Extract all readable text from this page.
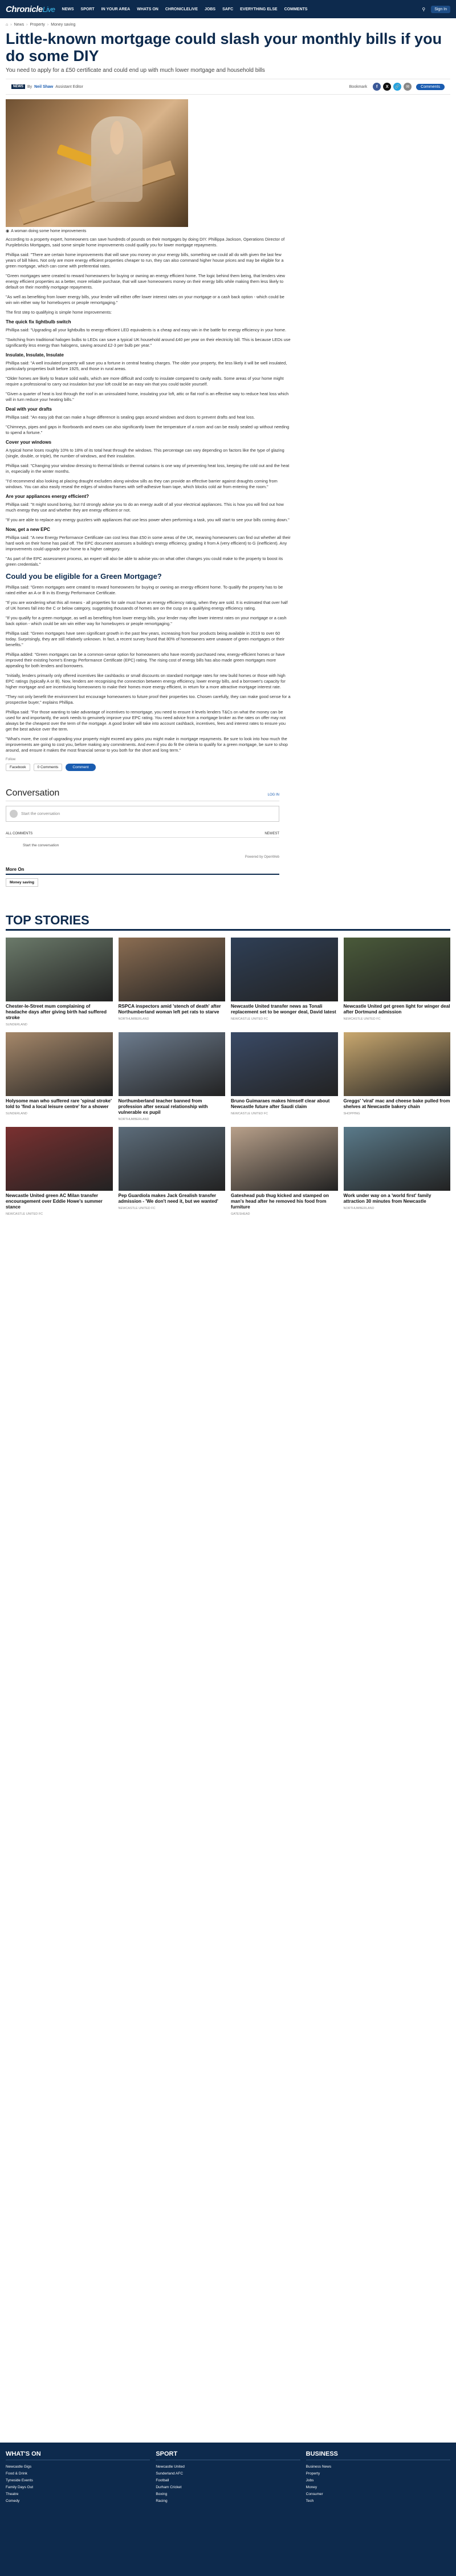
ChronicleLive NEWS SPORT IN YOUR AREA WHATS ON CHRONICLELIVE JOBS SAFC EVERYTHING ELSE COMMENTS	⚲	Sign In
⌂ › News › Property › Money saving
Little-known mortgage could slash your monthly bills if you do some DIY

You need to apply for a £50 certificate and could end up with much lower mortgage and household bills

NEWS	By Neil Shaw Assistant Editor	Bookmark	f	X	🔗	✉	Comments
◉ A woman doing some home improvements

According to a property expert, homeowners can save hundreds of pounds on their mortgages by doing DIY. Phillippa Jackson, Operations Director of Purplebricks Mortgages, said some simple home improvements could qualify you for lower mortgage repayments.

Phillipa said: "There are certain home improvements that will save you money on your energy bills, something we could all do with given the last few years of bill hikes. Not only are more energy efficient properties cheaper to run, they can also command higher house prices and may be eligible for a green mortgage, which can come with preferential rates.

"Green mortgages were created to reward homeowners for buying or owning an energy efficient home. The logic behind them being, that lenders view energy efficient properties as a better, more reliable purchase, that will save homeowners money on their energy bills while making them less likely to default on their monthly mortgage repayments.

"As well as benefiting from lower energy bills, your lender will either offer lower interest rates on your mortgage or a cash back option - which could be win win either way for homebuyers or people remortgaging."

The first step to qualifying is simple home improvements:

The quick fix lightbulb switch

Phillipa said: "Upgrading all your lightbulbs to energy-efficient LED equivalents is a cheap and easy win in the battle for energy efficiency in your home.

"Switching from traditional halogen bulbs to LEDs can save a typical UK household around £40 per year on their electricity bill. This is because LEDs use significantly less energy than halogens, saving around £2-3 per bulb per year."

Insulate, Insulate, Insulate

Phillipa said: "A well insulated property will save you a fortune in central heating charges. The older your property, the less likely it will be well insulated, particularly properties built before 1925, and those in rural areas.

"Older homes are likely to feature solid walls, which are more difficult and costly to insulate compared to cavity walls. Some areas of your home might require a professional to carry out insulation but your loft could be an easy win that you could tackle yourself.

"Given a quarter of heat is lost through the roof in an uninsulated home, insulating your loft, attic or flat roof is an effective way to reduce heat loss which will in turn reduce your heating bills."

Deal with your drafts

Phillipa said: "An easy job that can make a huge difference is sealing gaps around windows and doors to prevent drafts and heat loss.

"Chimneys, pipes and gaps in floorboards and eaves can also significantly lower the temperature of a room and can be easily sealed up without needing to spend a fortune."

Cover your windows

A typical home loses roughly 10% to 18% of its total heat through the windows. This percentage can vary depending on factors like the type of glazing (single, double, or triple), the number of windows, and their insulation.

Phillipa said: "Changing your window dressing to thermal blinds or thermal curtains is one way of preventing heat loss, keeping the cold out and the heat in, especially in the winter months.

"I'd recommend also looking at placing draught excluders along window sills as they can provide an effective barrier against draughts coming from windows. You can also easily reseal the edges of window frames with self-adhesive foam tape, which blocks cold air from entering the room."

Are your appliances energy efficient?

Phillipa said: "It might sound boring, but I'd strongly advise you to do an energy audit of all your electrical appliances. This is how you will find out how much energy they use and whether they are energy efficient or not.

"If you are able to replace any energy guzzlers with appliances that use less power when performing a task, you will start to see your bills coming down."

Now, get a new EPC

Phillipa said: "A new Energy Performance Certificate can cost less than £50 in some areas of the UK, meaning homeowners can find out whether all their hard work on their home has paid off. The EPC document assesses a building's energy efficiency, grading it from A (very efficient) to G (inefficient). Any improvements could upgrade your home to a higher category.

"As part of the EPC assessment process, an expert will also be able to advise you on what other changes you could make to the property to boost its green credentials."

Could you be eligible for a Green Mortgage?

Phillipa said: "Green mortgages were created to reward homeowners for buying or owning an energy efficient home. To qualify the property has to be rated either an A or B in its Energy Performance Certificate.

"If you are wondering what this all means - all properties for sale must have an energy efficiency rating, when they are sold. It is estimated that over half of UK homes fall into the C or below category, suggesting thousands of homes are on the cusp on a qualifying energy efficiency rating.

"If you qualify for a green mortgage, as well as benefiting from lower energy bills, your lender may offer lower interest rates on your mortgage or a cash back option - which could be win win either way for homebuyers or people remortgaging."

Phillipa said: "Green mortgages have seen significant growth in the past few years, increasing from four products being available in 2019 to over 60 today. Surprisingly, they are still relatively unknown. In fact, a recent survey found that 80% of homeowners were unaware of green mortgages or their benefits."

Phillipa added: "Green mortgages can be a common-sense option for homeowners who have recently purchased new, energy-efficient homes or have improved their existing home's Energy Performance Certificate (EPC) rating. The rising cost of energy bills has also made green mortgages more appealing for both lenders and borrowers.

"Initially, lenders primarily only offered incentives like cashbacks or small discounts on standard mortgage rates for new build homes or those with high EPC ratings (typically A or B). Now, lenders are recognising the connection between energy efficiency, lower energy bills, and a borrower's capacity for higher mortgage and are incentivising homeowners to make their homes more energy efficient, in return for a more attractive mortgage interest rate.

"They not only benefit the environment but encourage homeowners to future proof their properties too. Chosen carefully, they can make good sense for a prospective buyer," explains Phillipa.

Phillipa said: "For those wanting to take advantage of incentives to remortgage, you need to ensure it levels lenders T&Cs on what the money can be used for and importantly, the work needs to genuinely improve your EPC rating. You need advice from a mortgage broker as the rates on offer may not always be the cheapest over the term of the mortgage. A good broker will take into account cashback, incentives, fees and interest rates to ensure you get the best advice over the term.

"What's more, the cost of upgrading your property might exceed any gains you might make in mortgage repayments. Be sure to look into how much the improvements are going to cost you, before making any commitments. And even if you do fit the criteria to qualify for a green mortgage, be sure to shop around, and ensure it makes the most financial sense to you both for the short and long term."

Follow
Facebook	0 Comments	Comment
Conversation	LOG IN
Start the conversation
ALL COMMENTS	NEWEST
Start the conversation
Powered by OpenWeb
More On
Money saving
TOP STORIES
Chester-le-Street mum complaining of headache days after giving birth had suffered stroke
SUNDERLAND
RSPCA inspectors amid 'stench of death' after Northumberland woman left pet rats to starve
NORTHUMBERLAND
Newcastle United transfer news as Tonali replacement set to be wonger deal, David latest
NEWCASTLE UNITED FC
Newcastle United get green light for winger deal after Dortmund admission
NEWCASTLE UNITED FC
Holysome man who suffered rare 'spinal stroke' told to 'find a local leisure centre' for a shower
SUNDERLAND
Northumberland teacher banned from profession after sexual relationship with vulnerable ex pupil
NORTHUMBERLAND
Bruno Guimaraes makes himself clear about Newcastle future after Saudi claim
NEWCASTLE UNITED FC
Greggs' 'viral' mac and cheese bake pulled from shelves at Newcastle bakery chain
SHOPPING
Newcastle United green AC Milan transfer encouragement over Eddie Howe's summer stance
NEWCASTLE UNITED FC
Pep Guardiola makes Jack Grealish transfer admission - 'We don't need it, but we wanted'
NEWCASTLE UNITED FC
Gateshead pub thug kicked and stamped on man's head after he removed his food from furniture
GATESHEAD
Work under way on a 'world first' family attraction 30 minutes from Newcastle
NORTHUMBERLAND
WHAT'S ON
Newcastle Gigs
Food & Drink
Tyneside Events
Family Days Out
Theatre
Comedy
SPORT
Newcastle United
Sunderland AFC
Football
Durham Cricket
Boxing
Racing
BUSINESS
Business News
Property
Jobs
Money
Consumer
Tech
